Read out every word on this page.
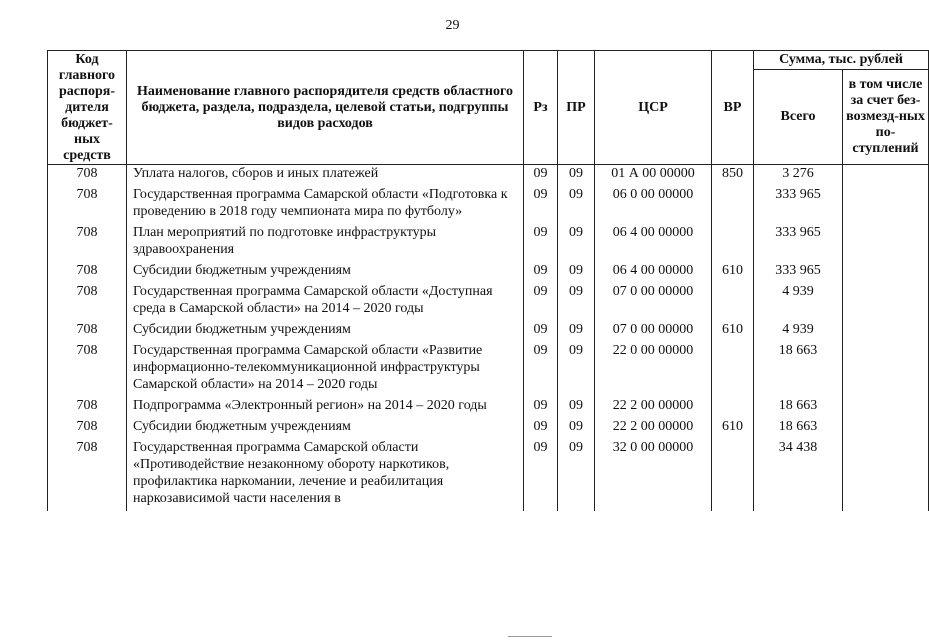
29
Код главного распоря-дителя бюджет-ных средств	Наименование главного распорядителя средств областного бюджета, раздела, подраздела, целевой статьи, подгруппы видов расходов	Рз	ПР	ЦСР	ВР	Сумма, тыс. рублей	
						Всего	в том числе за счет без-возмезд-ных по-ступлений
708	Уплата налогов, сборов и иных платежей	09	09	01 А 00 00000	850	3 276	
708	Государственная программа Самарской области «Подготовка к проведению в 2018 году чемпионата мира по футболу»	09	09	06 0 00 00000		333 965	
708	План мероприятий по подготовке инфраструктуры здравоохранения	09	09	06 4 00 00000		333 965	
708	Субсидии бюджетным учреждениям	09	09	06 4 00 00000	610	333 965	
708	Государственная программа Самарской области «Доступная среда в Самарской области» на 2014 – 2020 годы	09	09	07 0 00 00000		4 939	
708	Субсидии бюджетным учреждениям	09	09	07 0 00 00000	610	4 939	
708	Государственная программа Самарской области «Развитие информационно-телекоммуникационной инфраструктуры Самарской области» на 2014 – 2020 годы	09	09	22 0 00 00000		18 663	
708	Подпрограмма «Электронный регион» на 2014 – 2020 годы	09	09	22 2 00 00000		18 663	
708	Субсидии бюджетным учреждениям	09	09	22 2 00 00000	610	18 663	
708	Государственная программа Самарской области «Противодействие незаконному обороту наркотиков, профилактика наркомании, лечение и реабилитация наркозависимой части населения в	09	09	32 0 00 00000		34 438	
